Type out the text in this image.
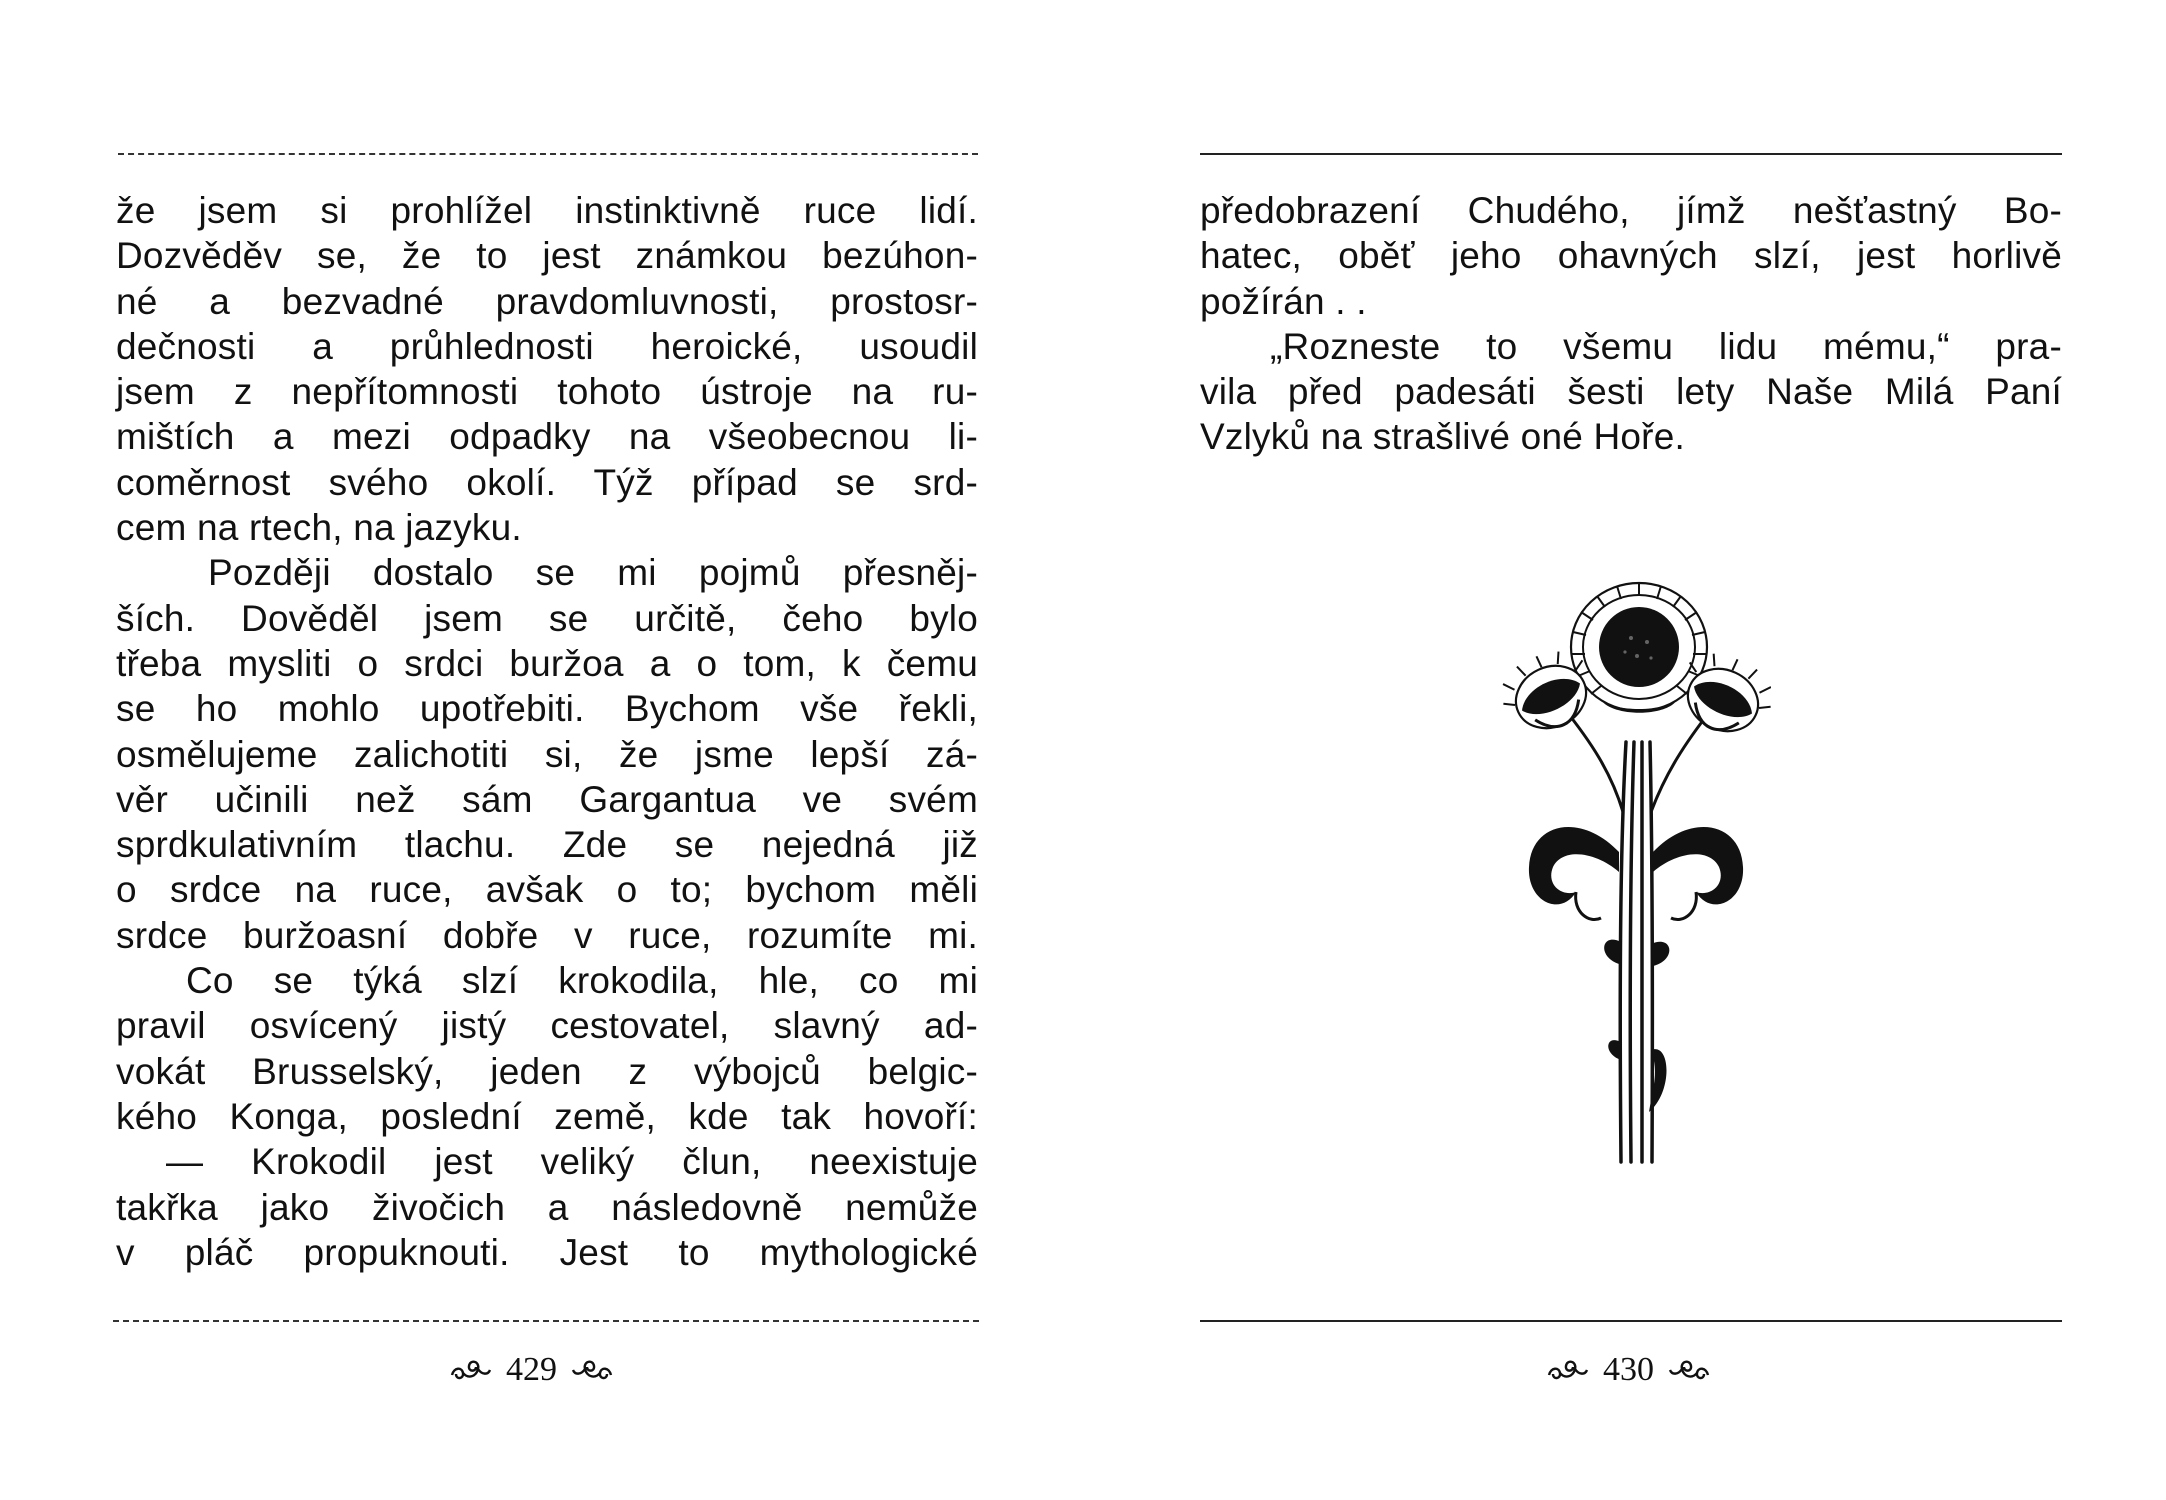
že jsem si prohlížel instinktivně ruce lidí.
Dozvěděv se, že to jest známkou bezúhon-
né a bezvadné pravdomluvnosti, prostosr-
dečnosti a průhlednosti heroické, usoudil
jsem z nepřítomnosti tohoto ústroje na ru-
mištích a mezi odpadky na všeobecnou li-
coměrnost svého okolí. Týž případ se srd-
cem na rtech, na jazyku.
Později dostalo se mi pojmů přesněj-
ších. Dověděl jsem se určitě, čeho bylo
třeba mysliti o srdci buržoa a o tom, k čemu
se ho mohlo upotřebiti. Bychom vše řekli,
osmělujeme zalichotiti si, že jsme lepší zá-
věr učinili než sám Gargantua ve svém
sprdkulativním tlachu. Zde se nejedná již
o srdce na ruce, avšak o to; bychom měli
srdce buržoasní dobře v ruce, rozumíte mi.
Co se týká slzí krokodila, hle, co mi
pravil osvícený jistý cestovatel, slavný ad-
vokát Brusselský, jeden z výbojců belgic-
kého Konga, poslední země, kde tak hovoří:
— Krokodil jest veliký člun, neexistuje
takřka jako živočich a následovně nemůže
v pláč propuknouti. Jest to mythologické
429
předobrazení Chudého, jímž nešťastný Bo-
hatec, oběť jeho ohavných slzí, jest horlivě
požírán . .
„Rozneste to všemu lidu mému,“ pra-
vila před padesáti šesti lety Naše Milá Paní
Vzlyků na strašlivé oné Hoře.
430
